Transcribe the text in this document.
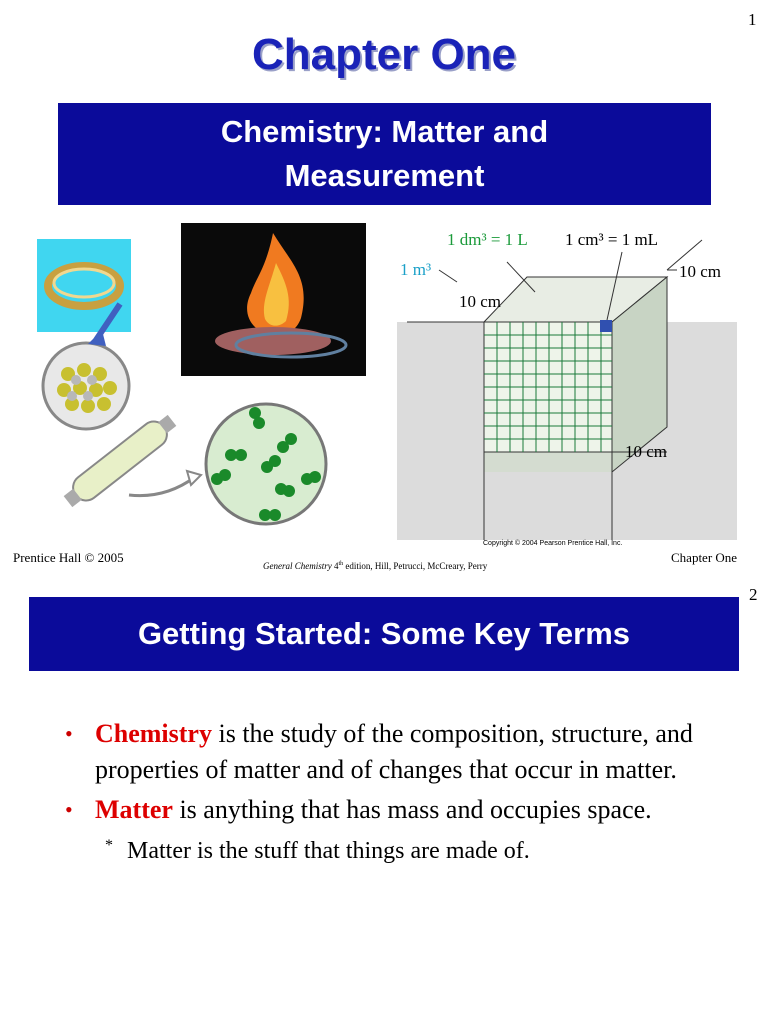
1
Chapter One
Chemistry: Matter and Measurement
1 dm³ = 1 L 1 cm³ = 1 mL
1 m³
10 cm
10 cm
10 cm
Copyright © 2004 Pearson Prentice Hall, Inc.
Prentice Hall © 2005
General Chemistry 4th edition, Hill, Petrucci, McCreary, Perry
Chapter One
2
Getting Started: Some Key Terms
• Chemistry is the study of the composition, structure, and properties of matter and of changes that occur in matter.
• Matter is anything that has mass and occupies space.
* Matter is the stuff that things are made of.
